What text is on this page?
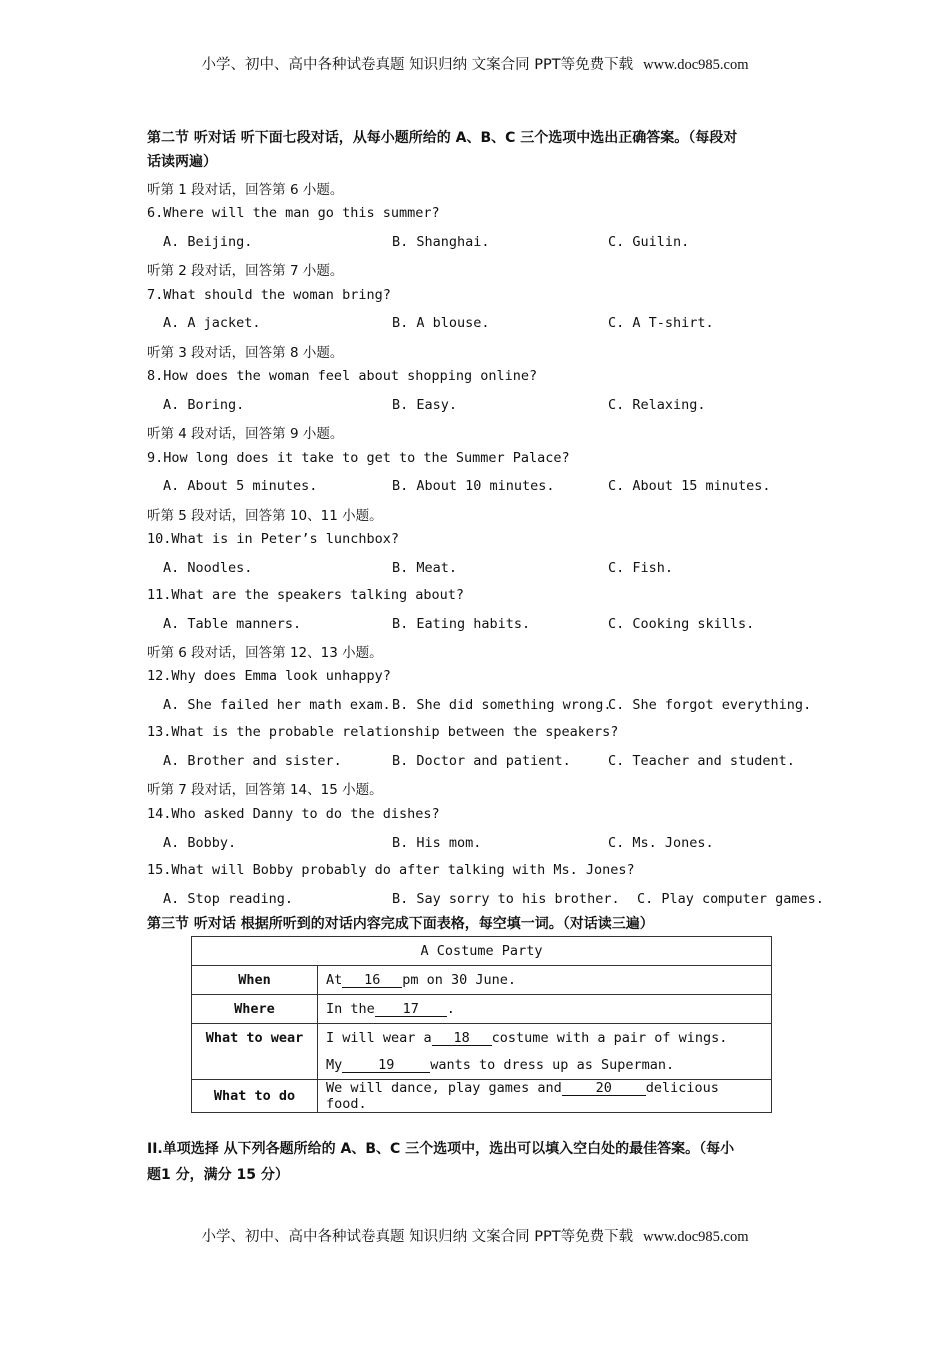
小学、初中、高中各种试卷真题 知识归纳 文案合同 PPT等免费下载 www.doc985.com
第二节 听对话 听下面七段对话，从每小题所给的 A、B、C 三个选项中选出正确答案。（每段对
话读两遍）
听第 1 段对话，回答第 6 小题。
6.Where will the man go this summer?
A. Beijing.	B. Shanghai.	C. Guilin.
听第 2 段对话，回答第 7 小题。
7.What should the woman bring?
A. A jacket.	B. A blouse.	C. A T-shirt.
听第 3 段对话，回答第 8 小题。
8.How does the woman feel about shopping online?
A. Boring.	B. Easy.	C. Relaxing.
听第 4 段对话，回答第 9 小题。
9.How long does it take to get to the Summer Palace?
A. About 5 minutes.	B. About 10 minutes.	C. About 15 minutes.
听第 5 段对话，回答第 10、11 小题。
10.What is in Peter’s lunchbox?
A. Noodles.	B. Meat.	C. Fish.
11.What are the speakers talking about?
A. Table manners.	B. Eating habits.	C. Cooking skills.
听第 6 段对话，回答第 12、13 小题。
12.Why does Emma look unhappy?
A. She failed her math exam. B. She did something wrong.
C. She forgot everything.
13.What is the probable relationship between the speakers?
A. Brother and sister.	B. Doctor and patient.	C. Teacher and student.
听第 7 段对话，回答第 14、15 小题。
14.Who asked Danny to do the dishes?
A. Bobby.	B. His mom.	C. Ms. Jones.
15.What will Bobby probably do after talking with Ms. Jones?
A. Stop reading.	B. Say sorry to his brother. C. Play computer games.
第三节 听对话 根据所听到的对话内容完成下面表格，每空填一词。（对话读三遍）
A Costume Party	
When	At 16 pm on 30 June.
Where	In the 17 .
What to wear	I will wear a 18 costume with a pair of wings.
My 19 wants to dress up as Superman.

What to do	We will dance, play games and 20 delicious food.
II.单项选择 从下列各题所给的 A、B、C 三个选项中，选出可以填入空白处的最佳答案。（每小
题1 分，满分 15 分）
小学、初中、高中各种试卷真题 知识归纳 文案合同 PPT等免费下载 www.doc985.com
